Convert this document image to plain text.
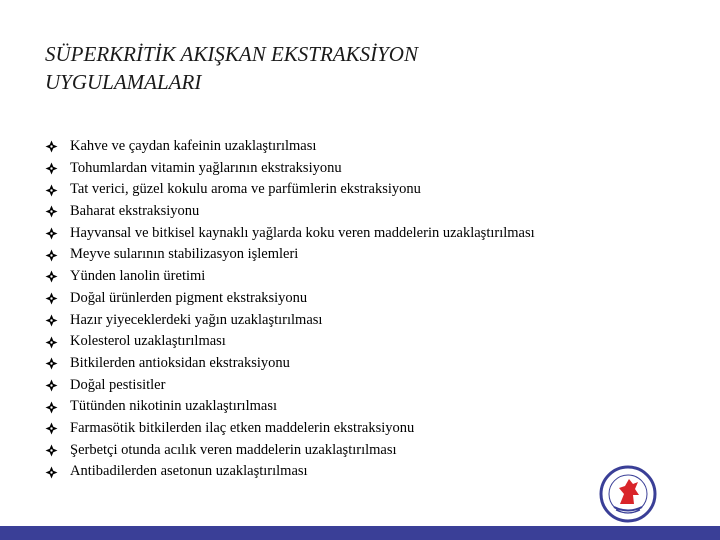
SÜPERKRİTİK AKIŞKAN EKSTRAKSİYON
UYGULAMALARI
Kahve ve çaydan kafeinin uzaklaştırılması
Tohumlardan vitamin yağlarının ekstraksiyonu
Tat verici, güzel kokulu aroma ve parfümlerin ekstraksiyonu
Baharat ekstraksiyonu
Hayvansal ve bitkisel kaynaklı yağlarda koku veren maddelerin uzaklaştırılması
Meyve sularının stabilizasyon işlemleri
Yünden lanolin üretimi
Doğal ürünlerden pigment ekstraksiyonu
Hazır yiyeceklerdeki yağın uzaklaştırılması
Kolesterol uzaklaştırılması
Bitkilerden antioksidan ekstraksiyonu
Doğal pestisitler
Tütünden nikotinin uzaklaştırılması
Farmasötik bitkilerden ilaç etken maddelerin ekstraksiyonu
Şerbetçi otunda acılık veren maddelerin uzaklaştırılması
Antibadilerden asetonun uzaklaştırılması
